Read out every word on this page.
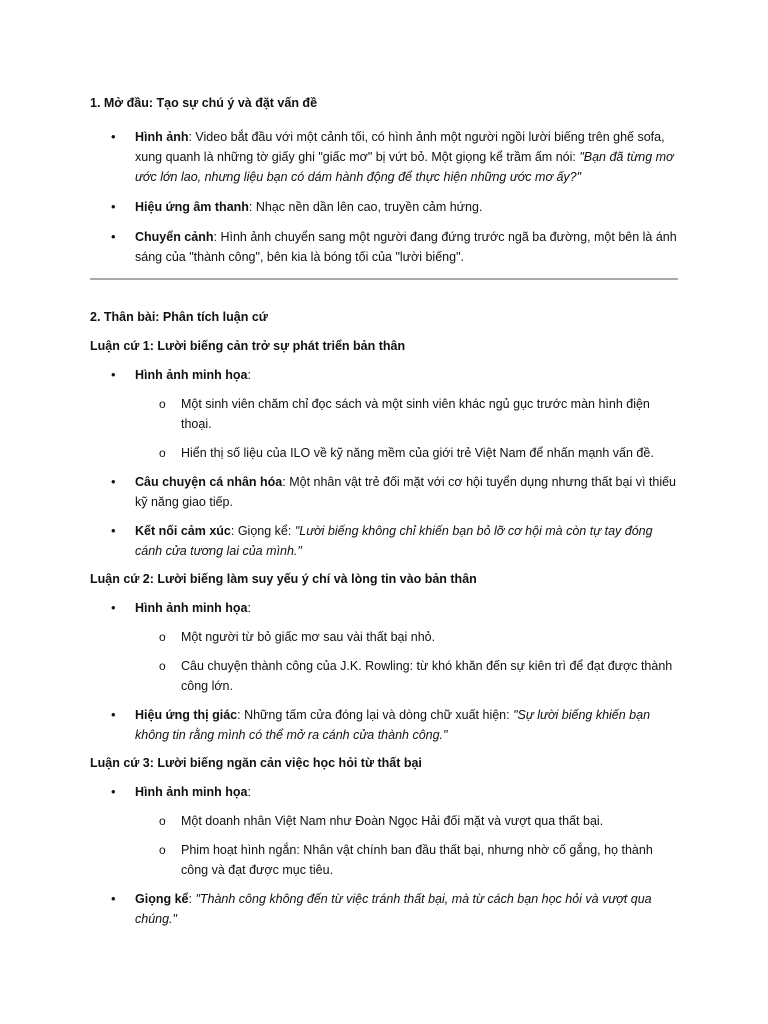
1. Mở đầu: Tạo sự chú ý và đặt vấn đề

• Hình ảnh: Video bắt đầu với một cảnh tối, có hình ảnh một người ngồi lười biếng trên ghế sofa, xung quanh là những tờ giấy ghi "giấc mơ" bị vứt bỏ. Một giọng kể trầm ấm nói: "Bạn đã từng mơ ước lớn lao, nhưng liệu bạn có dám hành động để thực hiện những ước mơ ấy?"
• Hiệu ứng âm thanh: Nhạc nền dần lên cao, truyền cảm hứng.
• Chuyển cảnh: Hình ảnh chuyển sang một người đang đứng trước ngã ba đường, một bên là ánh sáng của "thành công", bên kia là bóng tối của "lười biếng".

2. Thân bài: Phân tích luận cứ

Luận cứ 1: Lười biếng cản trở sự phát triển bản thân

• Hình ảnh minh họa:
o Một sinh viên chăm chỉ đọc sách và một sinh viên khác ngủ gục trước màn hình điện thoại.
o Hiển thị số liệu của ILO về kỹ năng mềm của giới trẻ Việt Nam để nhấn mạnh vấn đề.
• Câu chuyện cá nhân hóa: Một nhân vật trẻ đối mặt với cơ hội tuyển dụng nhưng thất bại vì thiếu kỹ năng giao tiếp.
• Kết nối cảm xúc: Giọng kể: "Lười biếng không chỉ khiến bạn bỏ lỡ cơ hội mà còn tự tay đóng cánh cửa tương lai của mình."

Luận cứ 2: Lười biếng làm suy yếu ý chí và lòng tin vào bản thân

• Hình ảnh minh họa:
o Một người từ bỏ giấc mơ sau vài thất bại nhỏ.
o Câu chuyện thành công của J.K. Rowling: từ khó khăn đến sự kiên trì để đạt được thành công lớn.
• Hiệu ứng thị giác: Những tấm cửa đóng lại và dòng chữ xuất hiện: "Sự lười biếng khiến bạn không tin rằng mình có thể mở ra cánh cửa thành công."

Luận cứ 3: Lười biếng ngăn cản việc học hỏi từ thất bại

• Hình ảnh minh họa:
o Một doanh nhân Việt Nam như Đoàn Ngọc Hải đối mặt và vượt qua thất bại.
o Phim hoạt hình ngắn: Nhân vật chính ban đầu thất bại, nhưng nhờ cố gắng, họ thành công và đạt được mục tiêu.
• Giọng kể: "Thành công không đến từ việc tránh thất bại, mà từ cách bạn học hỏi và vượt qua chúng."
